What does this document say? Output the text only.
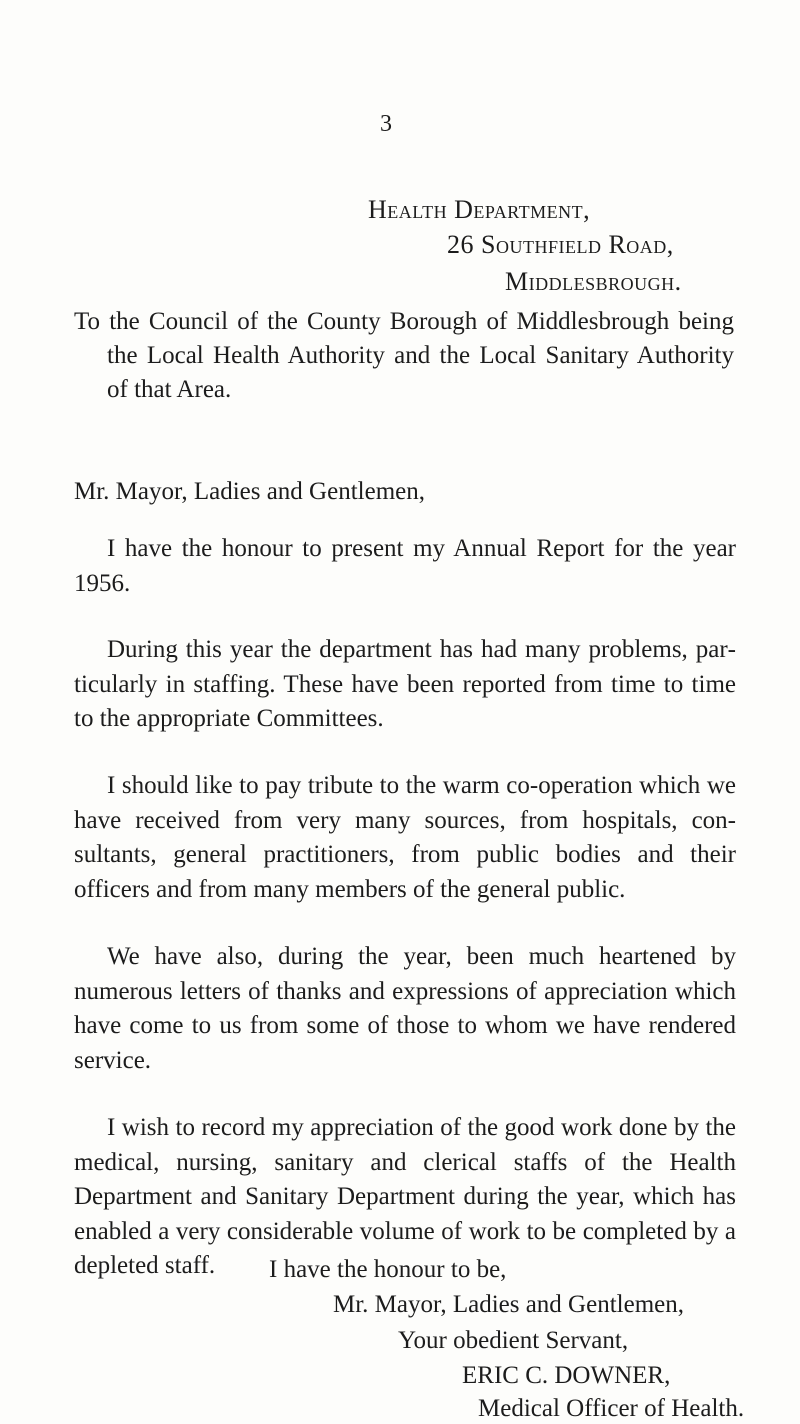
3
Health Department,
26 Southfield Road,
Middlesbrough.

To the Council of the County Borough of Middlesbrough being the Local Health Authority and the Local Sanitary Authority of that Area.

Mr. Mayor, Ladies and Gentlemen,

I have the honour to present my Annual Report for the year 1956.

During this year the department has had many problems, particularly in staffing. These have been reported from time to time to the appropriate Committees.

I should like to pay tribute to the warm co-operation which we have received from very many sources, from hospitals, consultants, general practitioners, from public bodies and their officers and from many members of the general public.

We have also, during the year, been much heartened by numerous letters of thanks and expressions of appreciation which have come to us from some of those to whom we have rendered service.

I wish to record my appreciation of the good work done by the medical, nursing, sanitary and clerical staffs of the Health Department and Sanitary Department during the year, which has enabled a very considerable volume of work to be completed by a depleted staff.	I have the honour to be,
Mr. Mayor, Ladies and Gentlemen,
Your obedient Servant,
ERIC C. DOWNER,
Medical Officer of Health.
